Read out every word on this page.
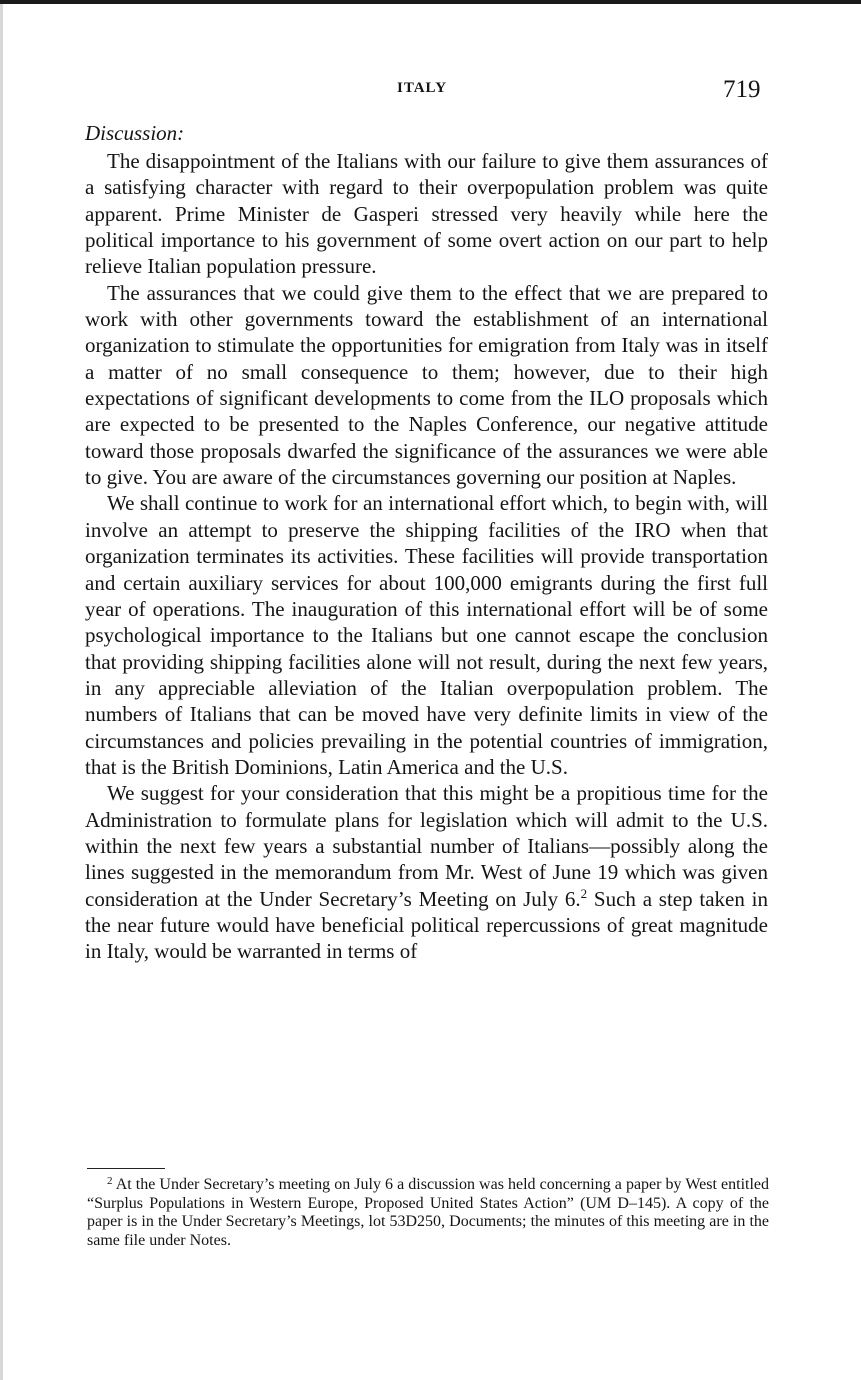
ITALY	719
Discussion:

The disappointment of the Italians with our failure to give them assurances of a satisfying character with regard to their overpopulation problem was quite apparent. Prime Minister de Gasperi stressed very heavily while here the political importance to his government of some overt action on our part to help relieve Italian population pressure.

The assurances that we could give them to the effect that we are prepared to work with other governments toward the establishment of an international organization to stimulate the opportunities for emigration from Italy was in itself a matter of no small consequence to them; however, due to their high expectations of significant developments to come from the ILO proposals which are expected to be presented to the Naples Conference, our negative attitude toward those proposals dwarfed the significance of the assurances we were able to give. You are aware of the circumstances governing our position at Naples.

We shall continue to work for an international effort which, to begin with, will involve an attempt to preserve the shipping facilities of the IRO when that organization terminates its activities. These facilities will provide transportation and certain auxiliary services for about 100,000 emigrants during the first full year of operations. The inauguration of this international effort will be of some psychological importance to the Italians but one cannot escape the conclusion that providing shipping facilities alone will not result, during the next few years, in any appreciable alleviation of the Italian overpopulation problem. The numbers of Italians that can be moved have very definite limits in view of the circumstances and policies prevailing in the potential countries of immigration, that is the British Dominions, Latin America and the U.S.

We suggest for your consideration that this might be a propitious time for the Administration to formulate plans for legislation which will admit to the U.S. within the next few years a substantial number of Italians—possibly along the lines suggested in the memorandum from Mr. West of June 19 which was given consideration at the Under Secretary’s Meeting on July 6.$^2$ Such a step taken in the near future would have beneficial political repercussions of great magnitude in Italy, would be warranted in terms of

$^2$ At the Under Secretary’s meeting on July 6 a discussion was held concerning a paper by West entitled “Surplus Populations in Western Europe, Proposed United States Action” (UM D–145). A copy of the paper is in the Under Secretary’s Meetings, lot 53D250, Documents; the minutes of this meeting are in the same file under Notes.
